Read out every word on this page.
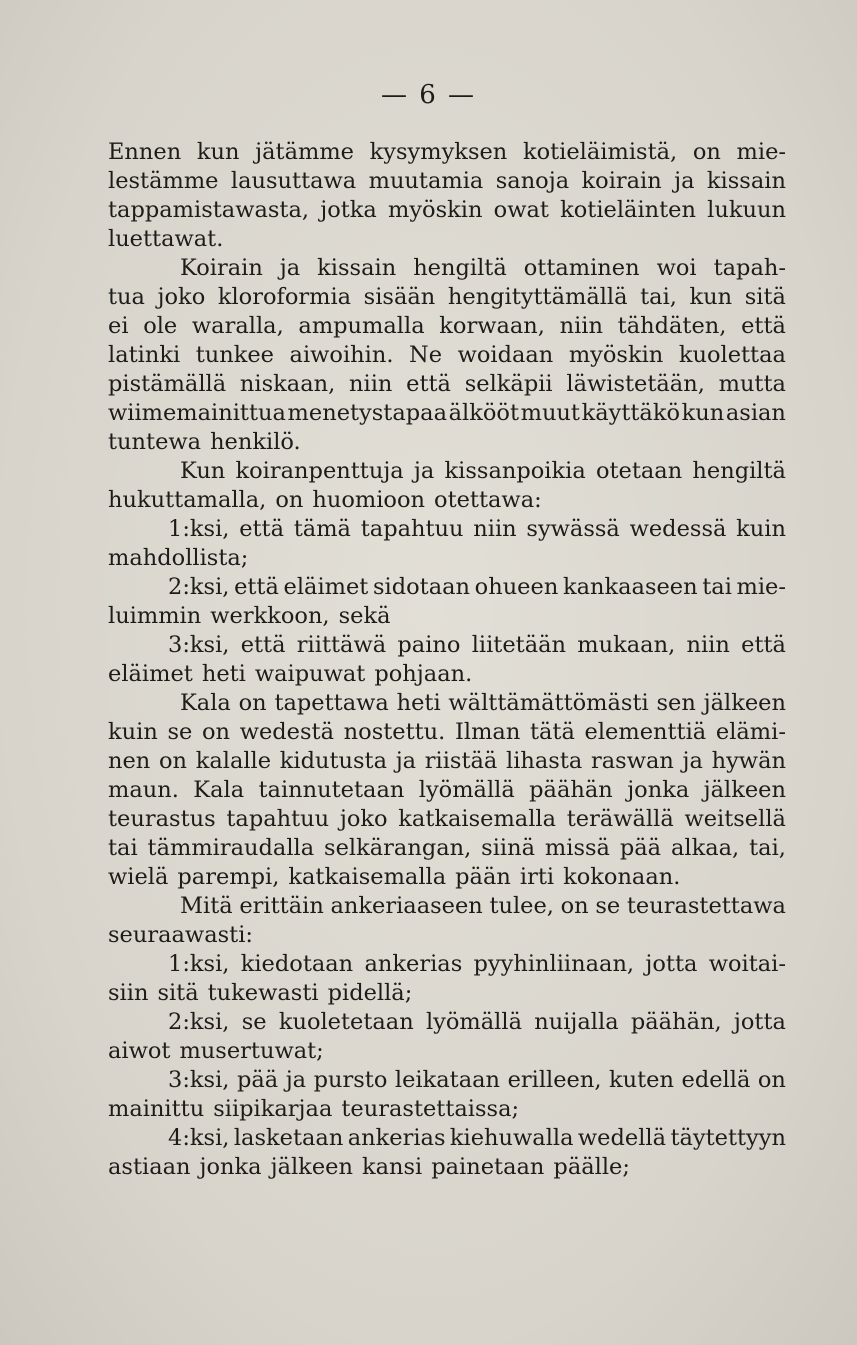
— 6 —
Ennen kun jätämme kysymyksen kotieläimistä, on mie-
lestämme lausuttawa muutamia sanoja koirain ja kissain
tappamistawasta, jotka myöskin owat kotieläinten lukuun
luettawat.
Koirain ja kissain hengiltä ottaminen woi tapah-
tua joko kloroformia sisään hengityttämällä tai, kun sitä
ei ole waralla, ampumalla korwaan, niin tähdäten, että
latinki tunkee aiwoihin. Ne woidaan myöskin kuolettaa
pistämällä niskaan, niin että selkäpii läwistetään, mutta
wiimemainittua menetystapaa älkööt muut käyttäkö kun asian
tuntewa henkilö.
Kun koiranpenttuja ja kissanpoikia otetaan hengiltä
hukuttamalla, on huomioon otettawa:
1:ksi, että tämä tapahtuu niin sywässä wedessä kuin
mahdollista;
2:ksi, että eläimet sidotaan ohueen kankaaseen tai mie-
luimmin werkkoon, sekä
3:ksi, että riittäwä paino liitetään mukaan, niin että
eläimet heti waipuwat pohjaan.
Kala on tapettawa heti wälttämättömästi sen jälkeen
kuin se on wedestä nostettu. Ilman tätä elementtiä elämi-
nen on kalalle kidutusta ja riistää lihasta raswan ja hywän
maun. Kala tainnutetaan lyömällä päähän jonka jälkeen
teurastus tapahtuu joko katkaisemalla teräwällä weitsellä
tai tämmiraudalla selkärangan, siinä missä pää alkaa, tai,
wielä parempi, katkaisemalla pään irti kokonaan.
Mitä erittäin ankeriaaseen tulee, on se teurastettawa
seuraawasti:
1:ksi, kiedotaan ankerias pyyhinliinaan, jotta woitai-
siin sitä tukewasti pidellä;
2:ksi, se kuoletetaan lyömällä nuijalla päähän, jotta
aiwot musertuwat;
3:ksi, pää ja pursto leikataan erilleen, kuten edellä on
mainittu siipikarjaa teurastettaissa;
4:ksi, lasketaan ankerias kiehuwalla wedellä täytettyyn
astiaan jonka jälkeen kansi painetaan päälle;
